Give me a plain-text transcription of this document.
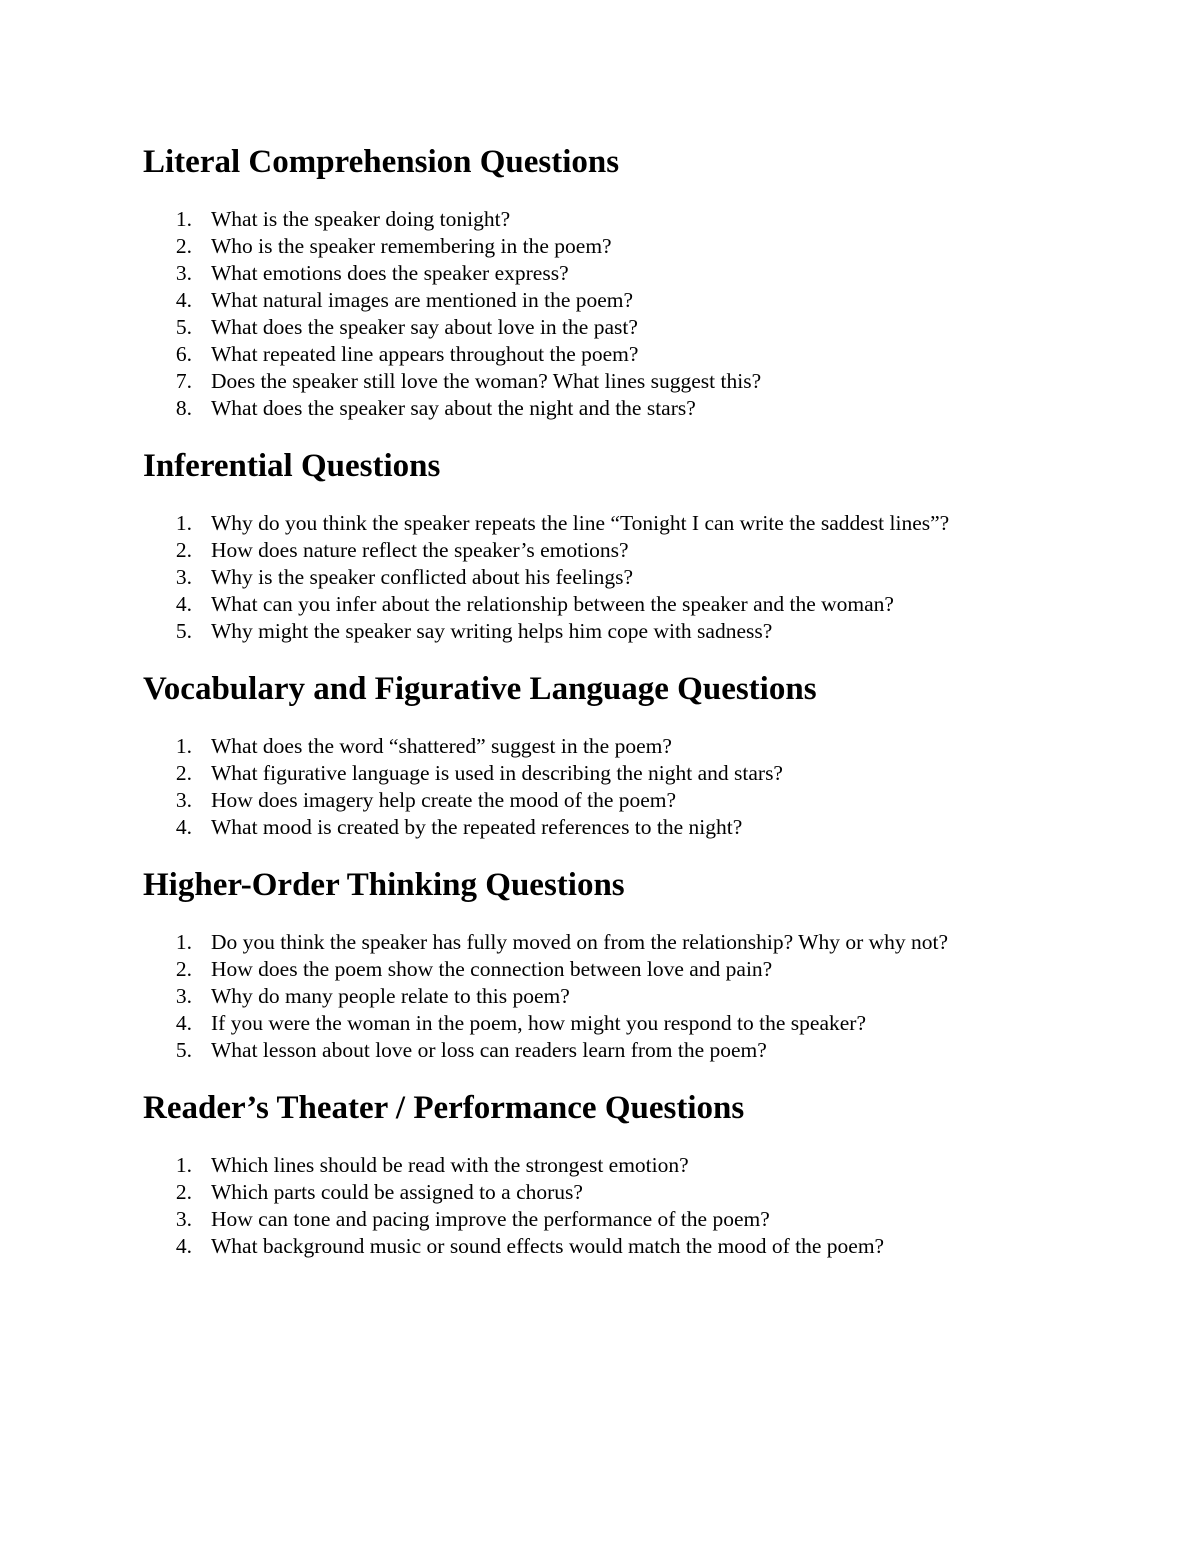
Literal Comprehension Questions
1 . What is the speaker doing tonight?
2 . Who is the speaker remembering in the poem?
3 . What emotions does the speaker express?
4 . What natural images are mentioned in the poem?
5 . What does the speaker say about love in the past?
6 . What repeated line appears throughout the poem?
7 . Does the speaker still love the woman? What lines suggest this?
8 . What does the speaker say about the night and the stars?
Inferential Questions
1 . Why do you think the speaker repeats the line “Tonight I can write the saddest lines”?
2 . How does nature reflect the speaker’s emotions?
3 . Why is the speaker conflicted about his feelings?
4 . What can you infer about the relationship between the speaker and the woman?
5 . Why might the speaker say writing helps him cope with sadness?
Vocabulary and Figurative Language Questions
1 . What does the word “shattered” suggest in the poem?
2 . What figurative language is used in describing the night and stars?
3 . How does imagery help create the mood of the poem?
4 . What mood is created by the repeated references to the night?
Higher-Order Thinking Questions
1 . Do you think the speaker has fully moved on from the relationship? Why or why not?
2 . How does the poem show the connection between love and pain?
3 . Why do many people relate to this poem?
4 . If you were the woman in the poem, how might you respond to the speaker?
5 . What lesson about love or loss can readers learn from the poem?
Reader’s Theater / Performance Questions
1 . Which lines should be read with the strongest emotion?
2 . Which parts could be assigned to a chorus?
3 . How can tone and pacing improve the performance of the poem?
4 . What background music or sound effects would match the mood of the poem?
